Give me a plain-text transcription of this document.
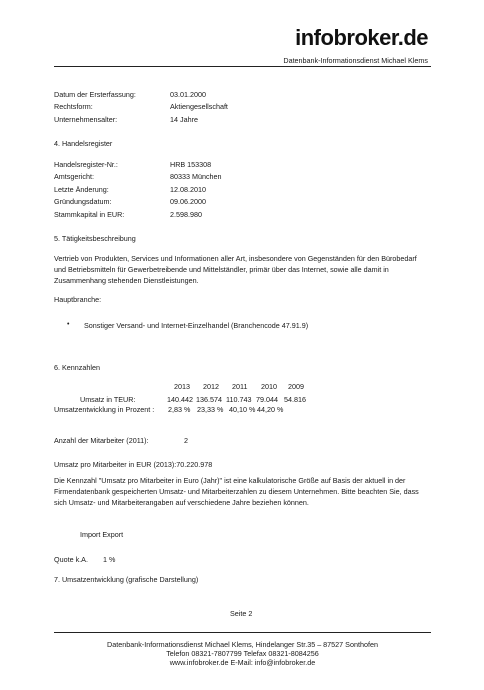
infobroker.de
Datenbank-Informationsdienst Michael Klems
Datum der Ersterfassung:	03.01.2000
Rechtsform:	Aktiengesellschaft
Unternehmensalter:	14 Jahre
4. Handelsregister
Handelsregister-Nr.:	HRB 153308
Amtsgericht:	80333 München
Letzte Änderung:	12.08.2010
Gründungsdatum:	09.06.2000
Stammkapital in EUR:	2.598.980
5. Tätigkeitsbeschreibung
Vertrieb von Produkten, Services und Informationen aller Art, insbesondere von Gegenständen für den Bürobedarf und Betriebsmitteln für Gewerbetreibende und Mittelständler, primär über das Internet, sowie alle damit in Zusammenhang stehenden Dienstleistungen.
Hauptbranche:
• Sonstiger Versand- und Internet-Einzelhandel (Branchencode 47.91.9)
6. Kennzahlen
2013 2012 2011 2010 2009
Umsatz in TEUR:	140.442 136.574 110.743 79.044 54.816
Umsatzentwicklung in Prozent : 2,83 % 23,33 % 40,10 % 44,20 %
Anzahl der Mitarbeiter (2011):	2
Umsatz pro Mitarbeiter in EUR (2013):70.220.978
Die Kennzahl "Umsatz pro Mitarbeiter in Euro (Jahr)" ist eine kalkulatorische Größe auf Basis der aktuell in der Firmendatenbank gespeicherten Umsatz- und Mitarbeiterzahlen zu diesem Unternehmen. Bitte beachten Sie, dass sich Umsatz- und Mitarbeiterangaben auf verschiedene Jahre beziehen können.
Import Export
Quote k.A. 1 %
7. Umsatzentwicklung (grafische Darstellung)
Seite 2
Datenbank-Informationsdienst Michael Klems, Hindelanger Str.35 – 87527 Sonthofen
Telefon 08321-7807799 Telefax 08321-8084256
www.infobroker.de E-Mail: info@infobroker.de
